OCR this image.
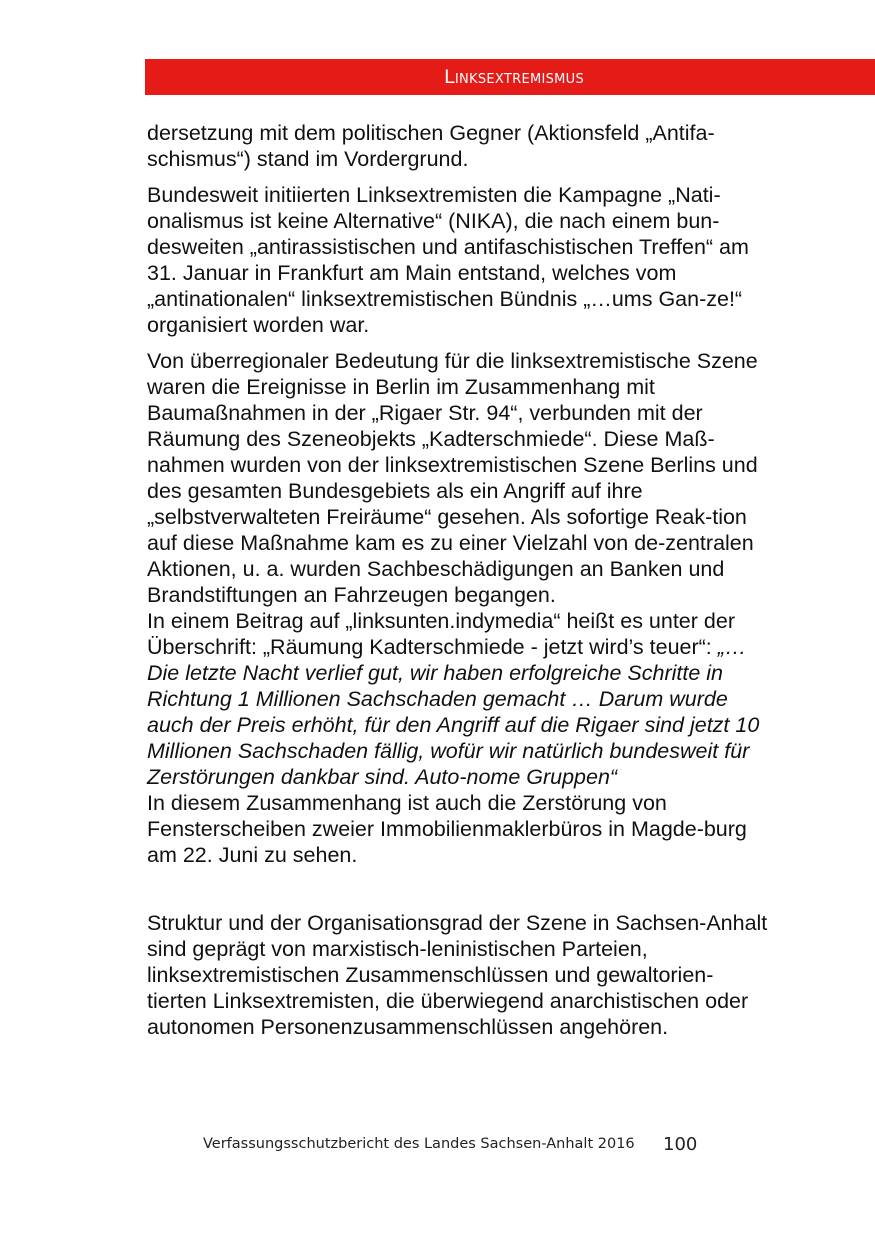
Linksextremismus

dersetzung mit dem politischen Gegner (Aktionsfeld „Antifa-schismus“) stand im Vordergrund.

Bundesweit initiierten Linksextremisten die Kampagne „Nati-onalismus ist keine Alternative“ (NIKA), die nach einem bun-desweiten „antirassistischen und antifaschistischen Treffen“ am 31. Januar in Frankfurt am Main entstand, welches vom „antinationalen“ linksextremistischen Bündnis „…ums Gan-ze!“ organisiert worden war.

Von überregionaler Bedeutung für die linksextremistische Szene waren die Ereignisse in Berlin im Zusammenhang mit Baumaßnahmen in der „Rigaer Str. 94“, verbunden mit der Räumung des Szeneobjekts „Kadterschmiede“. Diese Maß-nahmen wurden von der linksextremistischen Szene Berlins und des gesamten Bundesgebiets als ein Angriff auf ihre „selbstverwalteten Freiräume“ gesehen. Als sofortige Reak-tion auf diese Maßnahme kam es zu einer Vielzahl von de-zentralen Aktionen, u. a. wurden Sachbeschädigungen an Banken und Brandstiftungen an Fahrzeugen begangen.

In einem Beitrag auf „linksunten.indymedia“ heißt es unter der Überschrift: „Räumung Kadterschmiede - jetzt wird’s teuer“: „… Die letzte Nacht verlief gut, wir haben erfolgreiche Schritte in Richtung 1 Millionen Sachschaden gemacht … Darum wurde auch der Preis erhöht, für den Angriff auf die Rigaer sind jetzt 10 Millionen Sachschaden fällig, wofür wir natürlich bundesweit für Zerstörungen dankbar sind. Auto-nome Gruppen“

In diesem Zusammenhang ist auch die Zerstörung von Fensterscheiben zweier Immobilienmaklerbüros in Magde-burg am 22. Juni zu sehen.

Struktur und der Organisationsgrad der Szene in Sachsen-Anhalt sind geprägt von marxistisch-leninistischen Parteien, linksextremistischen Zusammenschlüssen und gewaltorien-tierten Linksextremisten, die überwiegend anarchistischen oder autonomen Personenzusammenschlüssen angehören.

Verfassungsschutzbericht des Landes Sachsen-Anhalt 2016 100
